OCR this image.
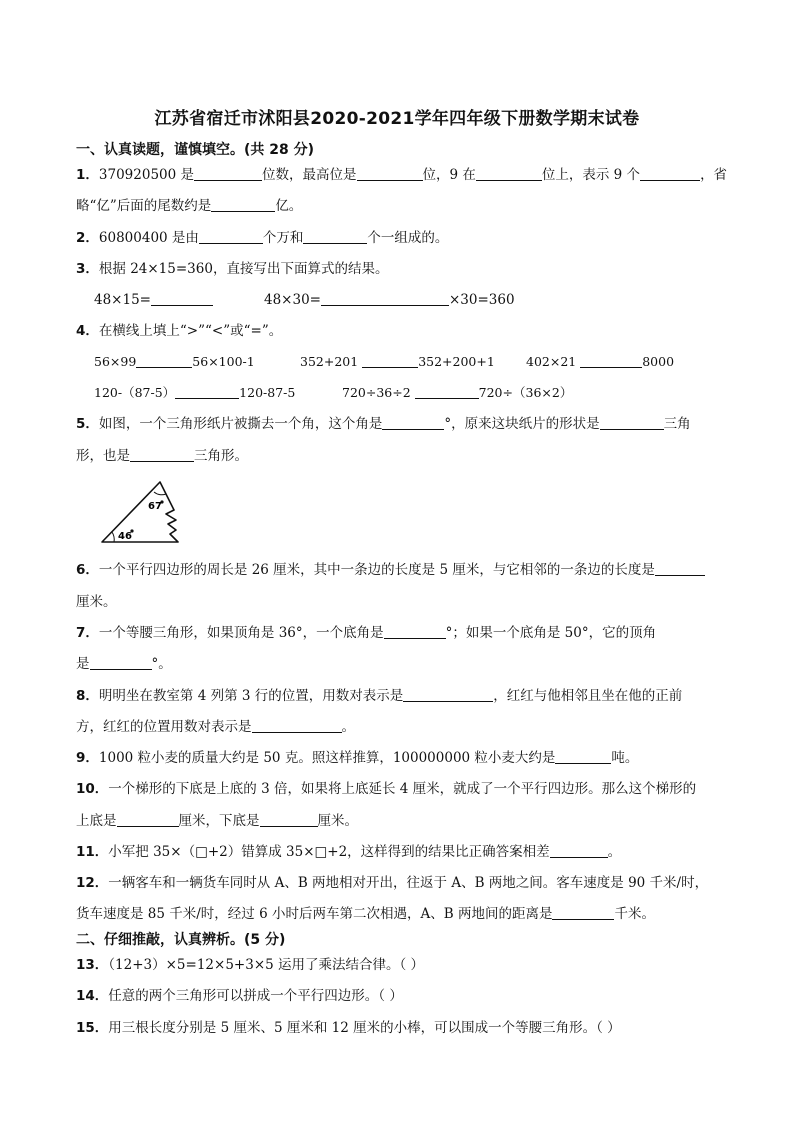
江苏省宿迁市沭阳县2020-2021学年四年级下册数学期末试卷
一、认真读题，谨慎填空。(共 28 分)
1．370920500 是	位数，最高位是	位，9 在	位上，表示 9 个	，省
略“亿”后面的尾数约是	亿。
2．60800400 是由	个万和	个一组成的。
3．根据 24×15=360，直接写出下面算式的结果。
48×15=	48×30=	×30=360
4．在横线上填上“>”“<”或“=”。
56×99	56×100-1	352+201	352+200+1 402×21	8000
120-（87-5）	120-87-5	720÷36÷2	720÷（36×2）
5．如图，一个三角形纸片被撕去一个角，这个角是	°，原来这块纸片的形状是	三角
形，也是	三角形。
67
46
6．一个平行四边形的周长是 26 厘米，其中一条边的长度是 5 厘米，与它相邻的一条边的长度是
厘米。
7．一个等腰三角形，如果顶角是 36°，一个底角是	°；如果一个底角是 50°，它的顶角
是	°。
8．明明坐在教室第 4 列第 3 行的位置，用数对表示是	，红红与他相邻且坐在他的正前
方，红红的位置用数对表示是	。
9．1000 粒小麦的质量大约是 50 克。照这样推算，100000000 粒小麦大约是	吨。
10．一个梯形的下底是上底的 3 倍，如果将上底延长 4 厘米，就成了一个平行四边形。那么这个梯形的
上底是	厘米，下底是	厘米。
11．小军把 35×（□+2）错算成 35×□+2，这样得到的结果比正确答案相差	。
12．一辆客车和一辆货车同时从 A、B 两地相对开出，往返于 A、B 两地之间。客车速度是 90 千米/时，
货车速度是 85 千米/时，经过 6 小时后两车第二次相遇，A、B 两地间的距离是	千米。
二、仔细推敲，认真辨析。(5 分)
13．（12+3）×5=12×5+3×5 运用了乘法结合律。（ ）
14．任意的两个三角形可以拼成一个平行四边形。（ ）
15．用三根长度分别是 5 厘米、5 厘米和 12 厘米的小棒，可以围成一个等腰三角形。（ ）
